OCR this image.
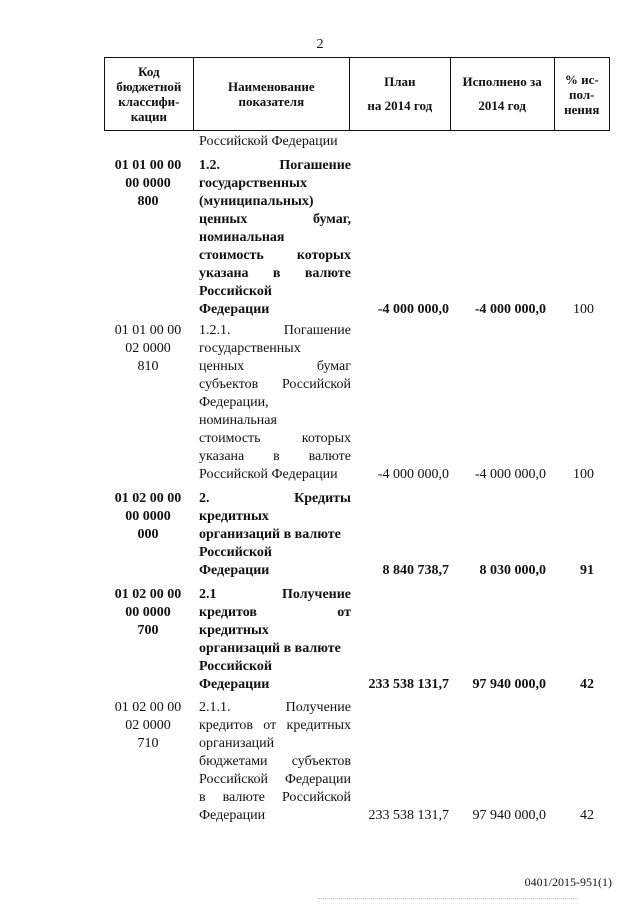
2
Код
бюджетной
классифи-
кации

Наименование
показателя

План
на 2014 год

Исполнено за
2014 год

% ис-
пол-
нения
Российской Федерации
01 01 00 00
00 0000
800
1.2. Погашение
государственных
(муниципальных)
ценных бумаг,
номинальная
стоимость которых
указана в валюте
Российской
Федерации	-4 000 000,0	-4 000 000,0	100
01 01 00 00
02 0000
810
1.2.1. Погашение
государственных
ценных бумаг
субъектов Российской
Федерации,
номинальная
стоимость которых
указана в валюте
Российской Федерации	-4 000 000,0	-4 000 000,0	100
01 02 00 00
00 0000
000
2. Кредиты
кредитных
организаций в валюте
Российской
Федерации	8 840 738,7	8 030 000,0	91
01 02 00 00
00 0000
700
2.1 Получение
кредитов от
кредитных
организаций в валюте
Российской
Федерации	233 538 131,7	97 940 000,0	42
01 02 00 00
02 0000
710
2.1.1. Получение
кредитов от кредитных
организаций
бюджетами субъектов
Российской Федерации
в валюте Российской
Федерации	233 538 131,7	97 940 000,0	42
0401/2015-951(1)
